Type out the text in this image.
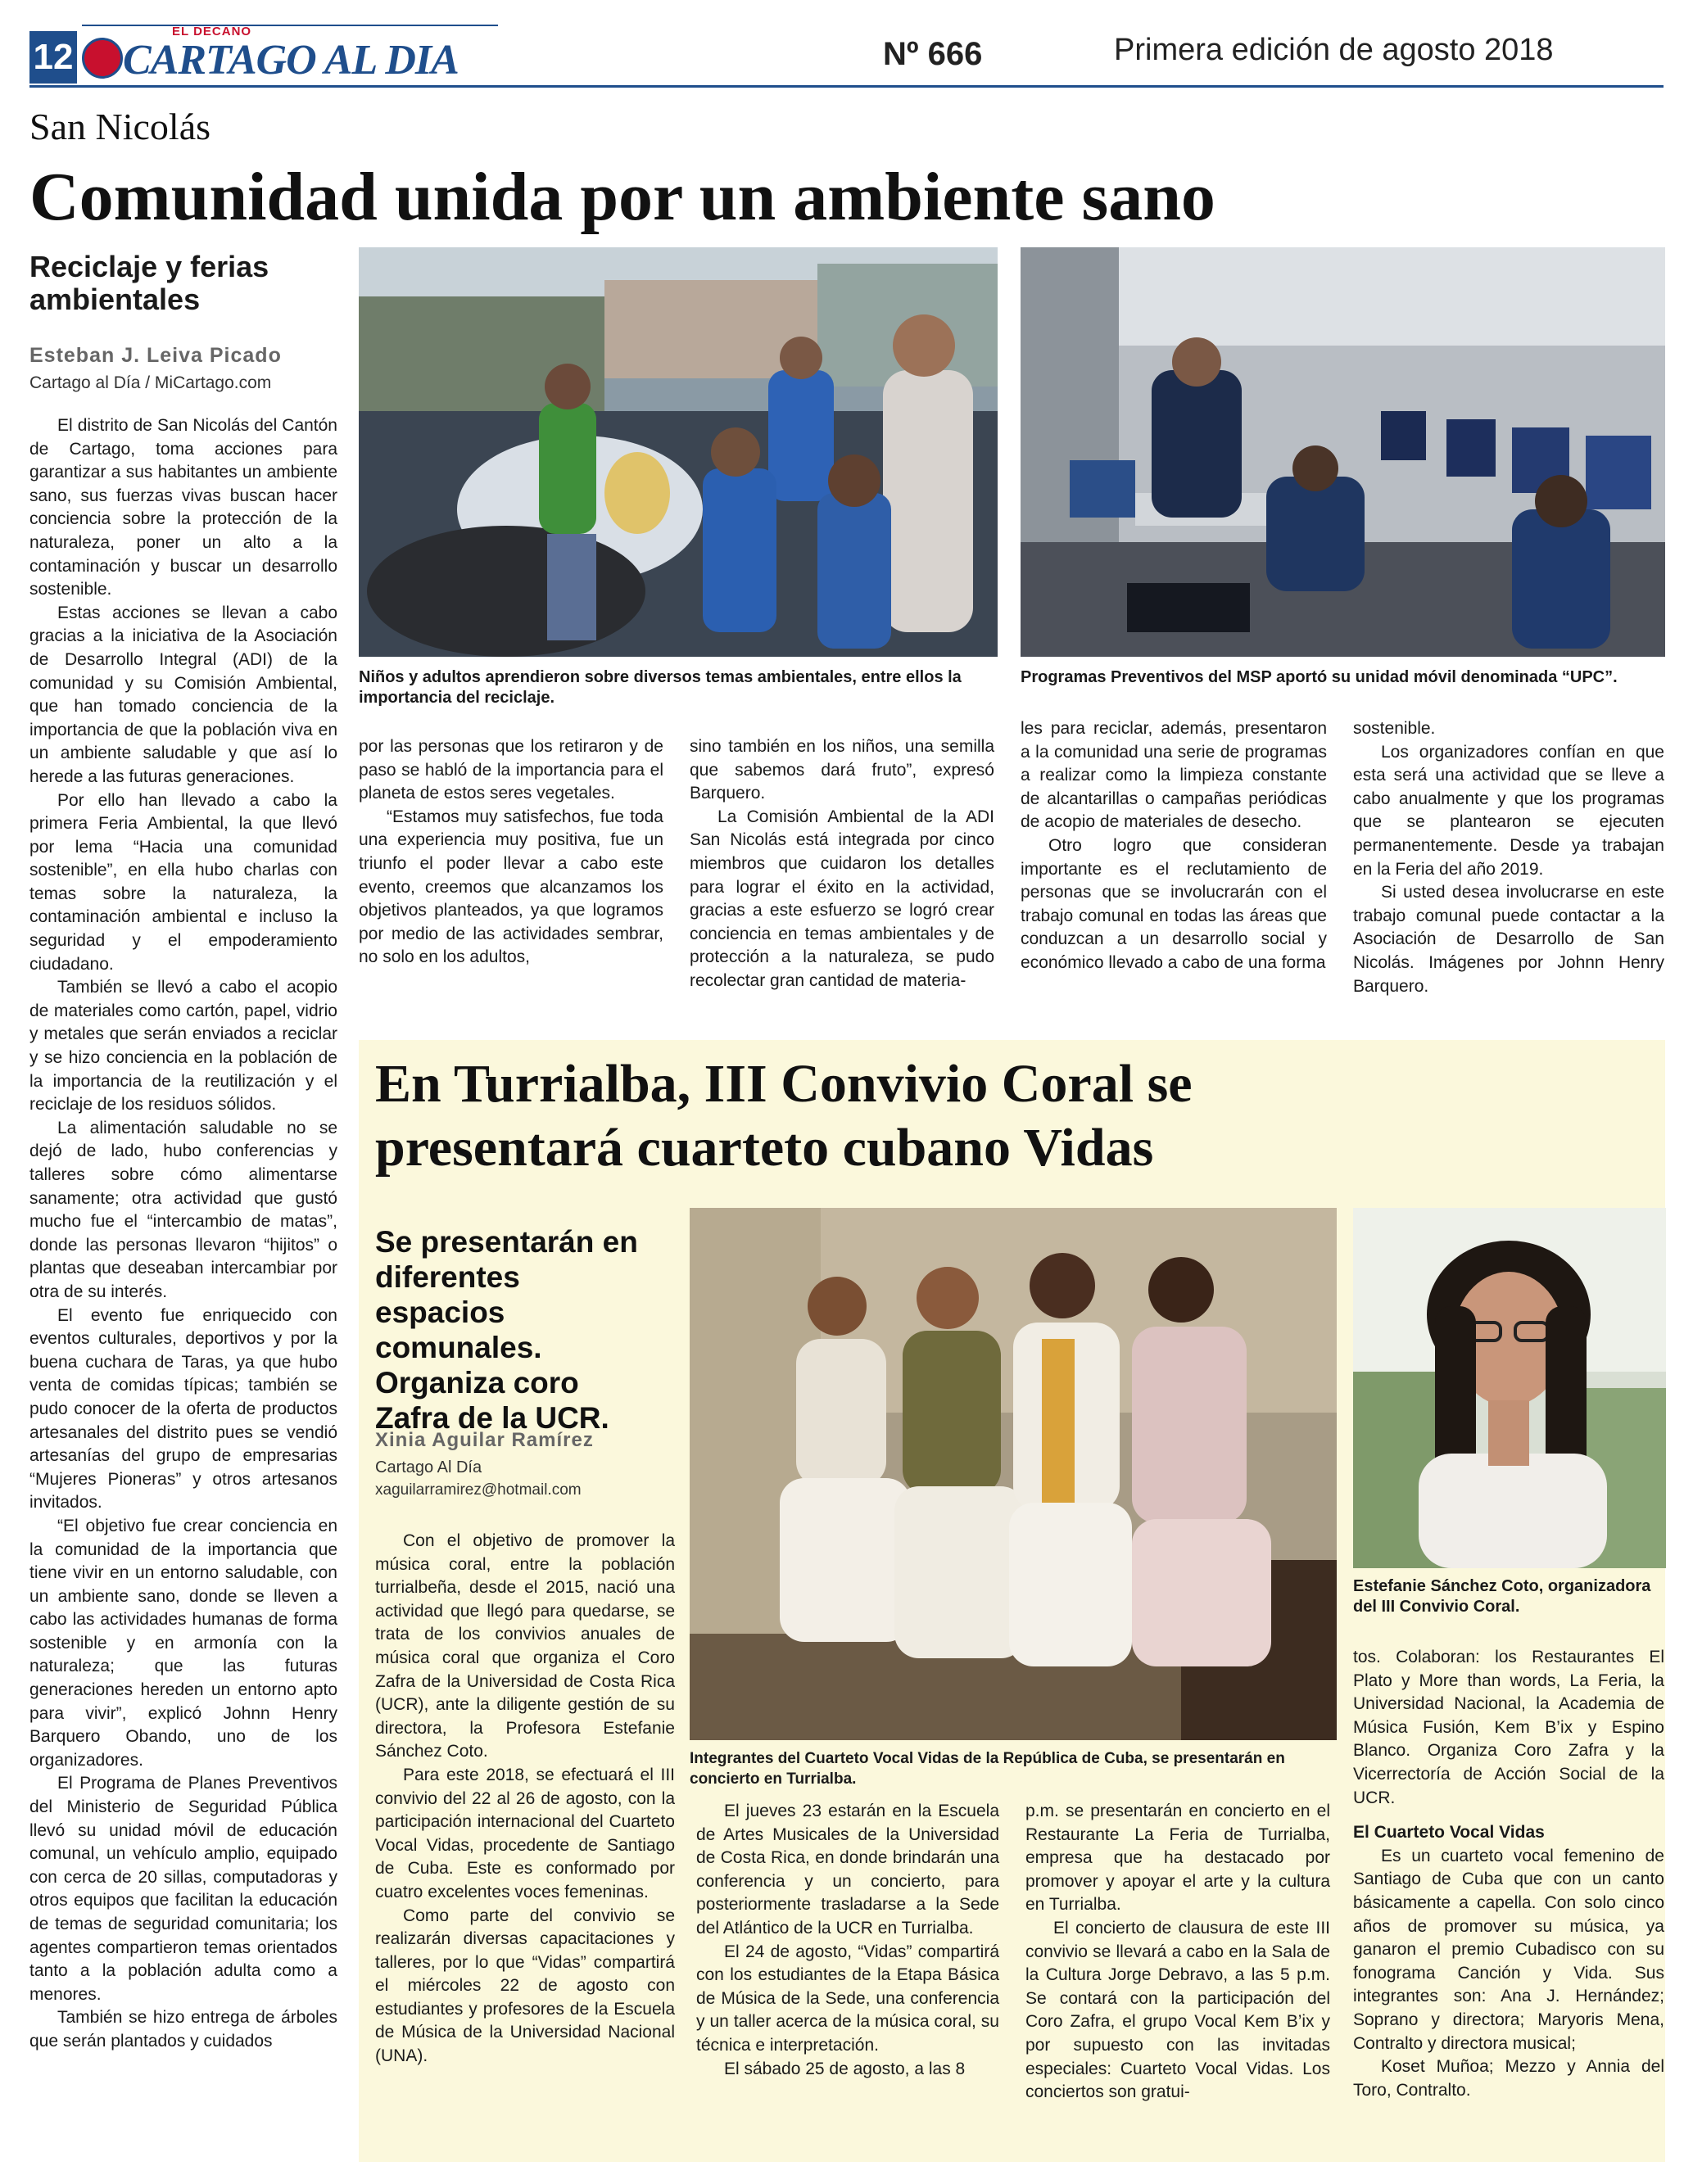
12
EL DECANO
CARTAGO AL DIA	Nº 666	Primera edición de agosto 2018
San Nicolás
Comunidad unida por un ambiente sano
Reciclaje y ferias ambientales
Esteban J. Leiva Picado
Cartago al Día / MiCartago.com

El distrito de San Nicolás del Cantón de Cartago, toma acciones para garantizar a sus habitantes un ambiente sano, sus fuerzas vivas buscan hacer conciencia sobre la protección de la naturaleza, poner un alto a la contaminación y buscar un desarrollo sostenible.

Estas acciones se llevan a cabo gracias a la iniciativa de la Asociación de Desarrollo Integral (ADI) de la comunidad y su Comisión Ambiental, que han tomado conciencia de la importancia de que la población viva en un ambiente saludable y que así lo herede a las futuras generaciones.

Por ello han llevado a cabo la primera Feria Ambiental, la que llevó por lema “Hacia una comunidad sostenible”, en ella hubo charlas con temas sobre la naturaleza, la contaminación ambiental e incluso la seguridad y el empoderamiento ciudadano.

También se llevó a cabo el acopio de materiales como cartón, papel, vidrio y metales que serán enviados a reciclar y se hizo conciencia en la población de la importancia de la reutilización y el reciclaje de los residuos sólidos.

La alimentación saludable no se dejó de lado, hubo conferencias y talleres sobre cómo alimentarse sanamente; otra actividad que gustó mucho fue el “intercambio de matas”, donde las personas llevaron “hijitos” o plantas que deseaban intercambiar por otra de su interés.

El evento fue enriquecido con eventos culturales, deportivos y por la buena cuchara de Taras, ya que hubo venta de comidas típicas; también se pudo conocer de la oferta de productos artesanales del distrito pues se vendió artesanías del grupo de empresarias “Mujeres Pioneras” y otros artesanos invitados.

“El objetivo fue crear conciencia en la comunidad de la importancia que tiene vivir en un entorno saludable, con un ambiente sano, donde se lleven a cabo las actividades humanas de forma sostenible y en armonía con la naturaleza; que las futuras generaciones hereden un entorno apto para vivir”, explicó Johnn Henry Barquero Obando, uno de los organizadores.

El Programa de Planes Preventivos del Ministerio de Seguridad Pública llevó su unidad móvil de educación comunal, un vehículo amplio, equipado con cerca de 20 sillas, computadoras y otros equipos que facilitan la educación de temas de seguridad comunitaria; los agentes compartieron temas orientados tanto a la población adulta como a menores.

También se hizo entrega de árboles que serán plantados y cuidados

Niños y adultos aprendieron sobre diversos temas ambientales, entre ellos la importancia del reciclaje.
Programas Preventivos del MSP aportó su unidad móvil denominada “UPC”.

por las personas que los retiraron y de paso se habló de la importancia para el planeta de estos seres vegetales.

“Estamos muy satisfechos, fue toda una experiencia muy positiva, fue un triunfo el poder llevar a cabo este evento, creemos que alcanzamos los objetivos planteados, ya que logramos por medio de las actividades sembrar, no solo en los adultos,

sino también en los niños, una semilla que sabemos dará fruto”, expresó Barquero.

La Comisión Ambiental de la ADI San Nicolás está integrada por cinco miembros que cuidaron los detalles para lograr el éxito en la actividad, gracias a este esfuerzo se logró crear conciencia en temas ambientales y de protección a la naturaleza, se pudo recolectar gran cantidad de materia-

les para reciclar, además, presentaron a la comunidad una serie de programas a realizar como la limpieza constante de alcantarillas o campañas periódicas de acopio de materiales de desecho.

Otro logro que consideran importante es el reclutamiento de personas que se involucrarán con el trabajo comunal en todas las áreas que conduzcan a un desarrollo social y económico llevado a cabo de una forma

sostenible.

Los organizadores confían en que esta será una actividad que se lleve a cabo anualmente y que los programas que se plantearon se ejecuten permanentemente. Desde ya trabajan en la Feria del año 2019.

Si usted desea involucrarse en este trabajo comunal puede contactar a la Asociación de Desarrollo de San Nicolás. Imágenes por Johnn Henry Barquero.

En Turrialba, III Convivio Coral se presentará cuarteto cubano Vidas
Se presentarán en diferentes espacios comunales. Organiza coro Zafra de la UCR.
Xinia Aguilar Ramírez
Cartago Al Día
xaguilarramirez@hotmail.com
Integrantes del Cuarteto Vocal Vidas de la República de Cuba, se presentarán en concierto en Turrialba.
Estefanie Sánchez Coto, organizadora del III Convivio Coral.

Con el objetivo de promover la música coral, entre la población turrialbeña, desde el 2015, nació una actividad que llegó para quedarse, se trata de los convivios anuales de música coral que organiza el Coro Zafra de la Universidad de Costa Rica (UCR), ante la diligente gestión de su directora, la Profesora Estefanie Sánchez Coto.

Para este 2018, se efectuará el III convivio del 22 al 26 de agosto, con la participación internacional del Cuarteto Vocal Vidas, procedente de Santiago de Cuba. Este es conformado por cuatro excelentes voces femeninas.

Como parte del convivio se realizarán diversas capacitaciones y talleres, por lo que “Vidas” compartirá el miércoles 22 de agosto con estudiantes y profesores de la Escuela de Música de la Universidad Nacional (UNA).

El jueves 23 estarán en la Escuela de Artes Musicales de la Universidad de Costa Rica, en donde brindarán una conferencia y un concierto, para posteriormente trasladarse a la Sede del Atlántico de la UCR en Turrialba.

El 24 de agosto, “Vidas” compartirá con los estudiantes de la Etapa Básica de Música de la Sede, una conferencia y un taller acerca de la música coral, su técnica e interpretación.

El sábado 25 de agosto, a las 8

p.m. se presentarán en concierto en el Restaurante La Feria de Turrialba, empresa que ha destacado por promover y apoyar el arte y la cultura en Turrialba.

El concierto de clausura de este III convivio se llevará a cabo en la Sala de la Cultura Jorge Debravo, a las 5 p.m. Se contará con la participación del Coro Zafra, el grupo Vocal Kem B’ix y por supuesto con las invitadas especiales: Cuarteto Vocal Vidas. Los conciertos son gratui-

tos. Colaboran: los Restaurantes El Plato y More than words, La Feria, la Universidad Nacional, la Academia de Música Fusión, Kem B’ix y Espino Blanco. Organiza Coro Zafra y la Vicerrectoría de Acción Social de la UCR.

El Cuarteto Vocal Vidas

Es un cuarteto vocal femenino de Santiago de Cuba que con un canto básicamente a capella. Con solo cinco años de promover su música, ya ganaron el premio Cubadisco con su fonograma Canción y Vida. Sus integrantes son: Ana J. Hernández; Soprano y directora; Maryoris Mena, Contralto y directora musical;

Koset Muñoa; Mezzo y Annia del Toro, Contralto.
